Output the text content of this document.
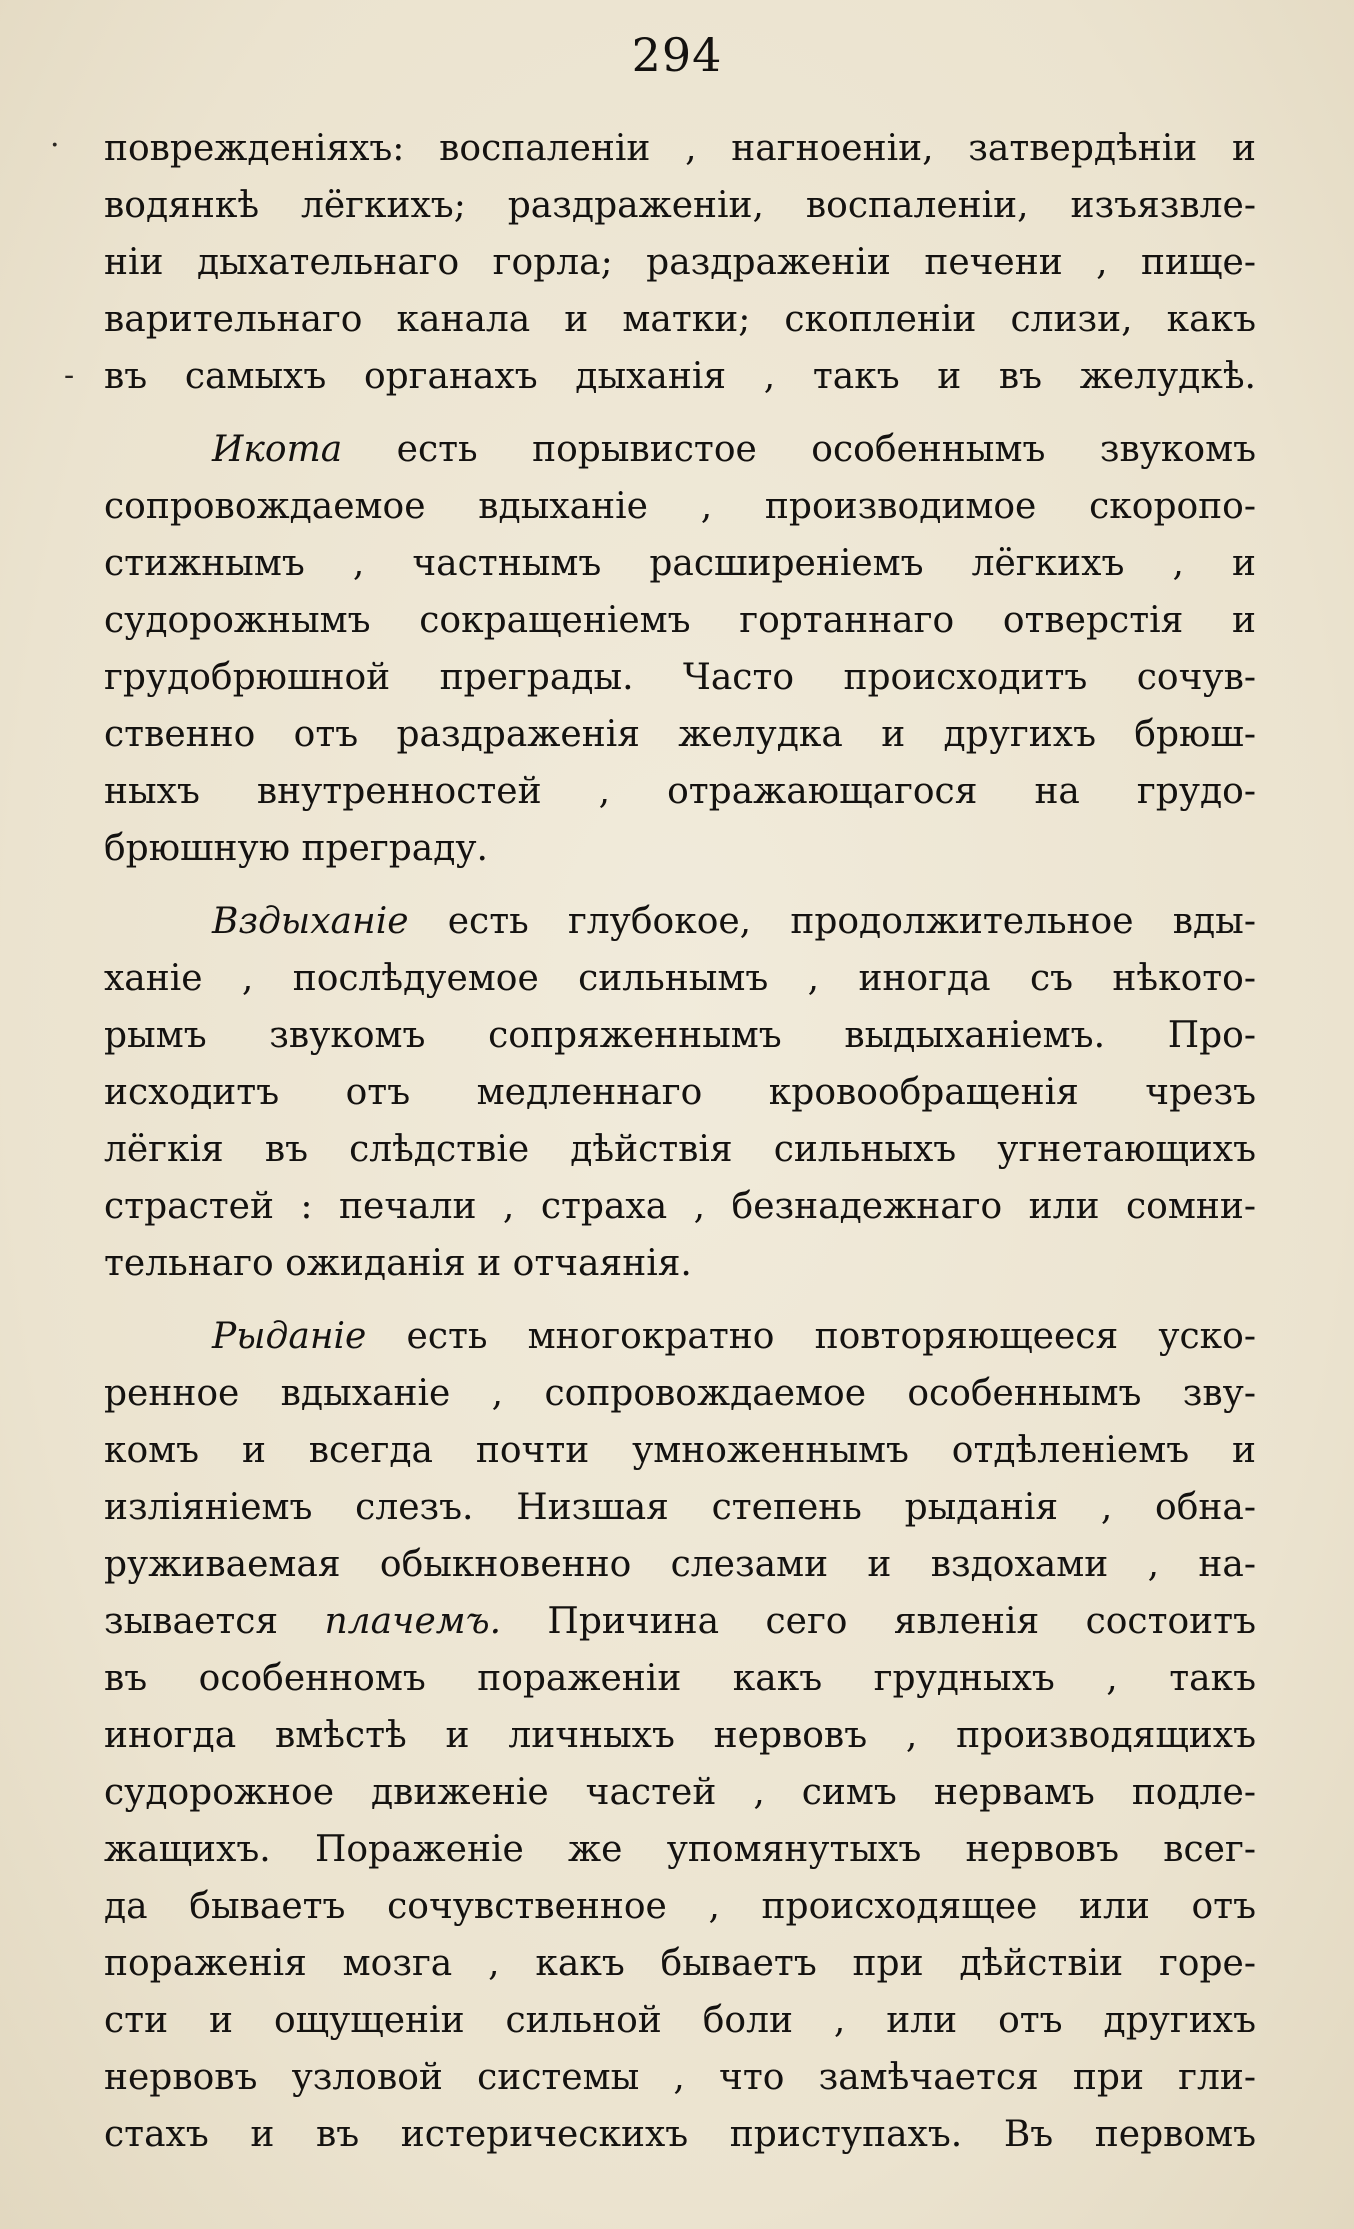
294
·
-
поврежденіяхъ: воспаленіи , нагноеніи, затвердѣніи и
водянкѣ лёгкихъ; раздраженіи, воспаленіи, изъязвле-
ніи дыхательнаго горла; раздраженіи печени , пище-
варительнаго канала и матки; скопленіи слизи, какъ
въ самыхъ органахъ дыханія , такъ и въ желудкѣ.
Икота есть порывистое особеннымъ звукомъ
сопровождаемое вдыханіе , производимое скоропо-
стижнымъ , частнымъ расширеніемъ лёгкихъ , и
судорожнымъ сокращеніемъ гортаннаго отверстія и
грудобрюшной преграды. Часто происходитъ сочув-
ственно отъ раздраженія желудка и другихъ брюш-
ныхъ внутренностей , отражающагося на грудо-
брюшную преграду.
Вздыханіе есть глубокое, продолжительное вды-
ханіе , послѣдуемое сильнымъ , иногда съ нѣкото-
рымъ звукомъ сопряженнымъ выдыханіемъ. Про-
исходитъ отъ медленнаго кровообращенія чрезъ
лёгкія въ слѣдствіе дѣйствія сильныхъ угнетающихъ
страстей : печали , страха , безнадежнаго или сомни-
тельнаго ожиданія и отчаянія.
Рыданіе есть многократно повторяющееся уско-
ренное вдыханіе , сопровождаемое особеннымъ зву-
комъ и всегда почти умноженнымъ отдѣленіемъ и
изліяніемъ слезъ. Низшая степень рыданія , обна-
руживаемая обыкновенно слезами и вздохами , на-
зывается плачемъ. Причина сего явленія состоитъ
въ особенномъ пораженіи какъ грудныхъ , такъ
иногда вмѣстѣ и личныхъ нервовъ , производящихъ
судорожное движеніе частей , симъ нервамъ подле-
жащихъ. Пораженіе же упомянутыхъ нервовъ всег-
да бываетъ сочувственное , происходящее или отъ
пораженія мозга , какъ бываетъ при дѣйствіи горе-
сти и ощущеніи сильной боли , или отъ другихъ
нервовъ узловой системы , что замѣчается при гли-
стахъ и въ истерическихъ приступахъ. Въ первомъ
